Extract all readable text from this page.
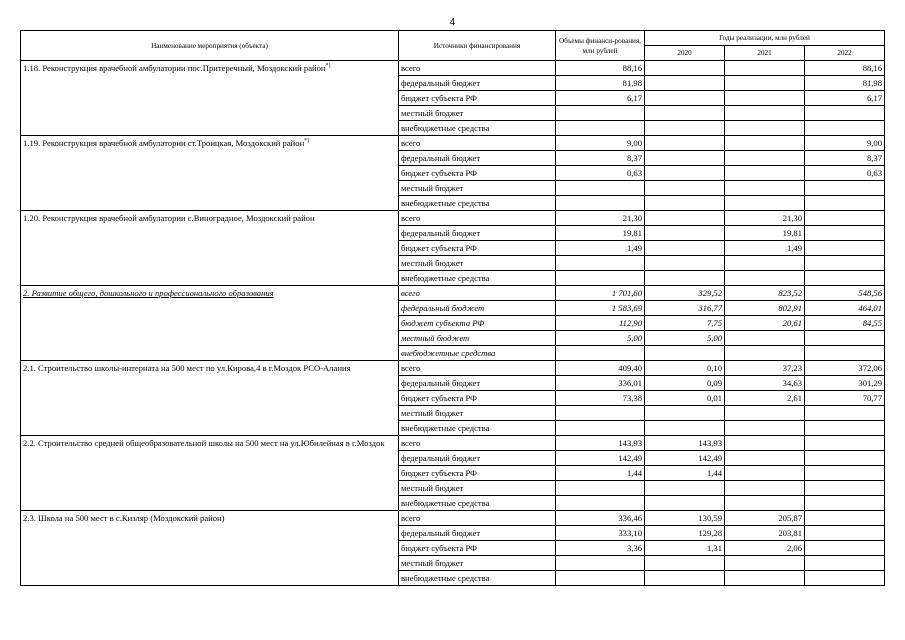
4
Наименование мероприятия (объекта)	Источники финансирования	Объемы финанси-рования, млн рублей	Годы реализации, млн рублей		
			2020	2021	2022
1.18. Реконструкция врачебной амбулатории пос.Притеречный, Моздокский район*)	всего	88,16			88,16
	федеральный бюджет	81,98			81,98
	бюджет субъекта РФ	6,17			6,17
	местный бюджет				
	внебюджетные средства				
1.19. Реконструкция врачебной амбулатории ст.Троицкая, Моздокский район*)	всего	9,00			9,00
	федеральный бюджет	8,37			8,37
	бюджет субъекта РФ	0,63			0,63
	местный бюджет				
	внебюджетные средства				
1.20. Реконструкция врачебной амбулатории с.Виноградное, Моздокский район	всего	21,30		21,30	
	федеральный бюджет	19,81		19,81	
	бюджет субъекта РФ	1,49		1,49	
	местный бюджет				
	внебюджетные средства				
2. Развитие общего, дошкольного и профессионального образования	всего	1 701,60	329,52	823,52	548,56
	федеральный бюджет	1 583,69	316,77	802,91	464,01
	бюджет субъекта РФ	112,90	7,75	20,61	84,55
	местный бюджет	5,00	5,00		
	внебюджетные средства				
2.1. Строительство школы-интерната на 500 мест по ул.Кирова,4 в г.Моздок РСО-Алания	всего	409,40	0,10	37,23	372,06
	федеральный бюджет	336,01	0,09	34,63	301,29
	бюджет субъекта РФ	73,38	0,01	2,61	70,77
	местный бюджет				
	внебюджетные средства				
2.2. Строительство средней общеобразовательной школы на 500 мест на ул.Юбилейная в г.Моздок	всего	143,93	143,93		
	федеральный бюджет	142,49	142,49		
	бюджет субъекта РФ	1,44	1,44		
	местный бюджет				
	внебюджетные средства				
2.3. Школа на 500 мест в с.Кизляр (Моздокский район)	всего	336,46	130,59	205,87	
	федеральный бюджет	333,10	129,28	203,81	
	бюджет субъекта РФ	3,36	1,31	2,06	
	местный бюджет				
	внебюджетные средства				
